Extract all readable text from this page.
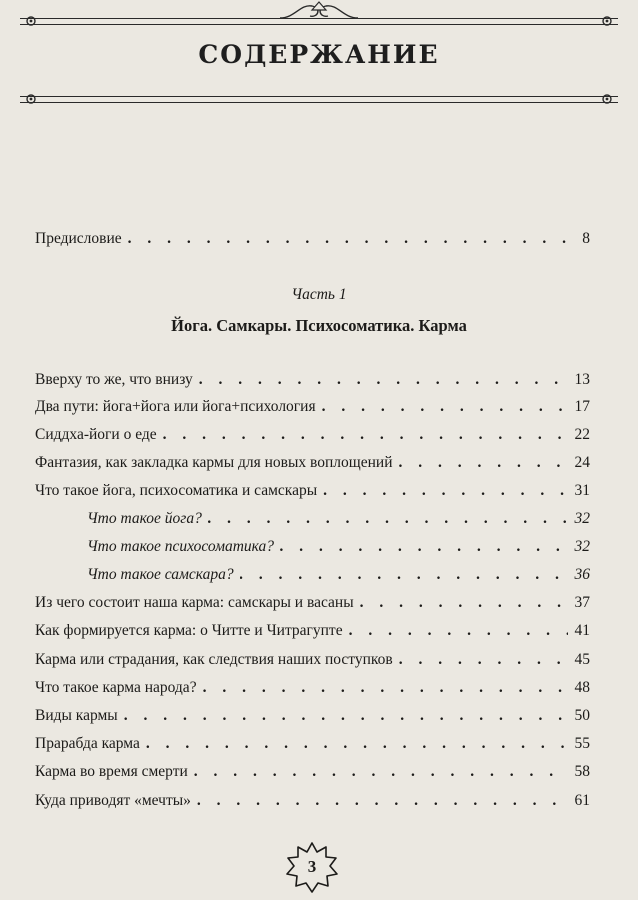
СОДЕРЖАНИЕ
Предисловие . . .	8
Часть 1
Йога. Самкары. Психосоматика. Карма
Вверху то же, что внизу . . .	13
Два пути: йога+йога или йога+психология . . .	17
Сиддха-йоги о еде . . .	22
Фантазия, как закладка кармы для новых воплощений . . .	24
Что такое йога, психосоматика и самскары . . .	31
Что такое йога? . . .	32
Что такое психосоматика? . . .	32
Что такое самскара? . . .	36
Из чего состоит наша карма: самскары и васаны . . .	37
Как формируется карма: о Читте и Читрагупте . . .	41
Карма или страдания, как следствия наших поступков . . .	45
Что такое карма народа? . . .	48
Виды кармы . . .	50
Прарабда карма . . .	55
Карма во время смерти . . .	58
Куда приводят «мечты» . . .	61
3
